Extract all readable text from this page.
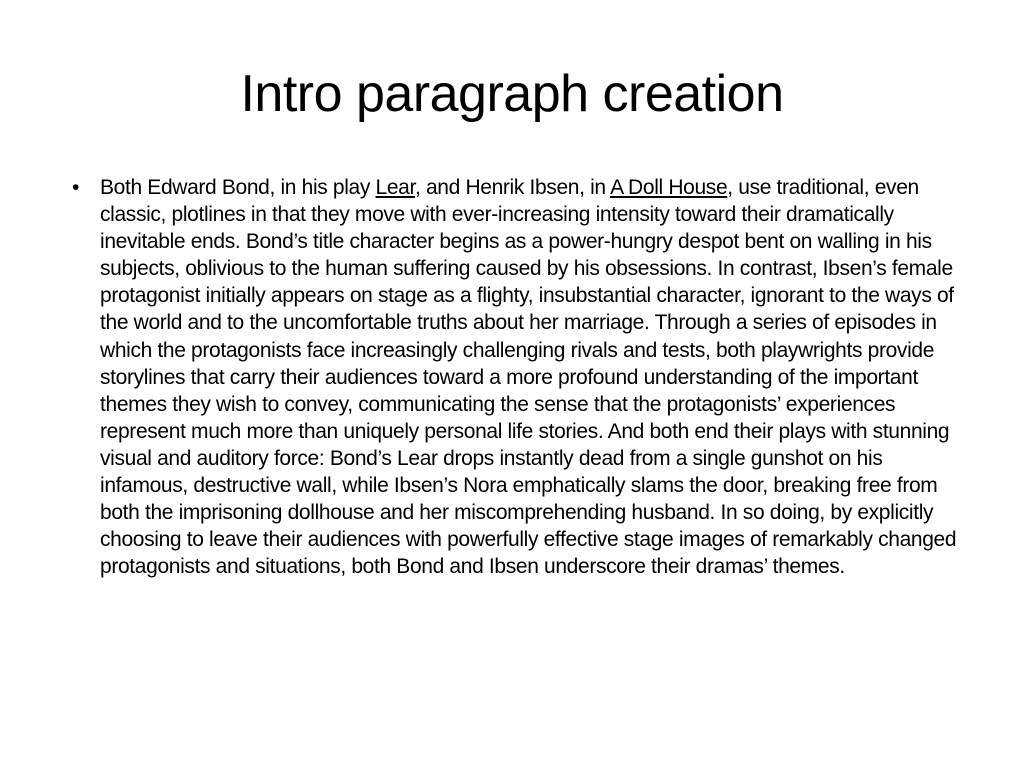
Intro paragraph creation
• Both Edward Bond, in his play Lear, and Henrik Ibsen, in A Doll House, use traditional, even classic, plotlines in that they move with ever-increasing intensity toward their dramatically inevitable ends. Bond’s title character begins as a power-hungry despot bent on walling in his subjects, oblivious to the human suffering caused by his obsessions. In contrast, Ibsen’s female protagonist initially appears on stage as a flighty, insubstantial character, ignorant to the ways of the world and to the uncomfortable truths about her marriage. Through a series of episodes in which the protagonists face increasingly challenging rivals and tests, both playwrights provide storylines that carry their audiences toward a more profound understanding of the important themes they wish to convey, communicating the sense that the protagonists’ experiences represent much more than uniquely personal life stories. And both end their plays with stunning visual and auditory force: Bond’s Lear drops instantly dead from a single gunshot on his infamous, destructive wall, while Ibsen’s Nora emphatically slams the door, breaking free from both the imprisoning dollhouse and her miscomprehending husband. In so doing, by explicitly choosing to leave their audiences with powerfully effective stage images of remarkably changed protagonists and situations, both Bond and Ibsen underscore their dramas’ themes.
